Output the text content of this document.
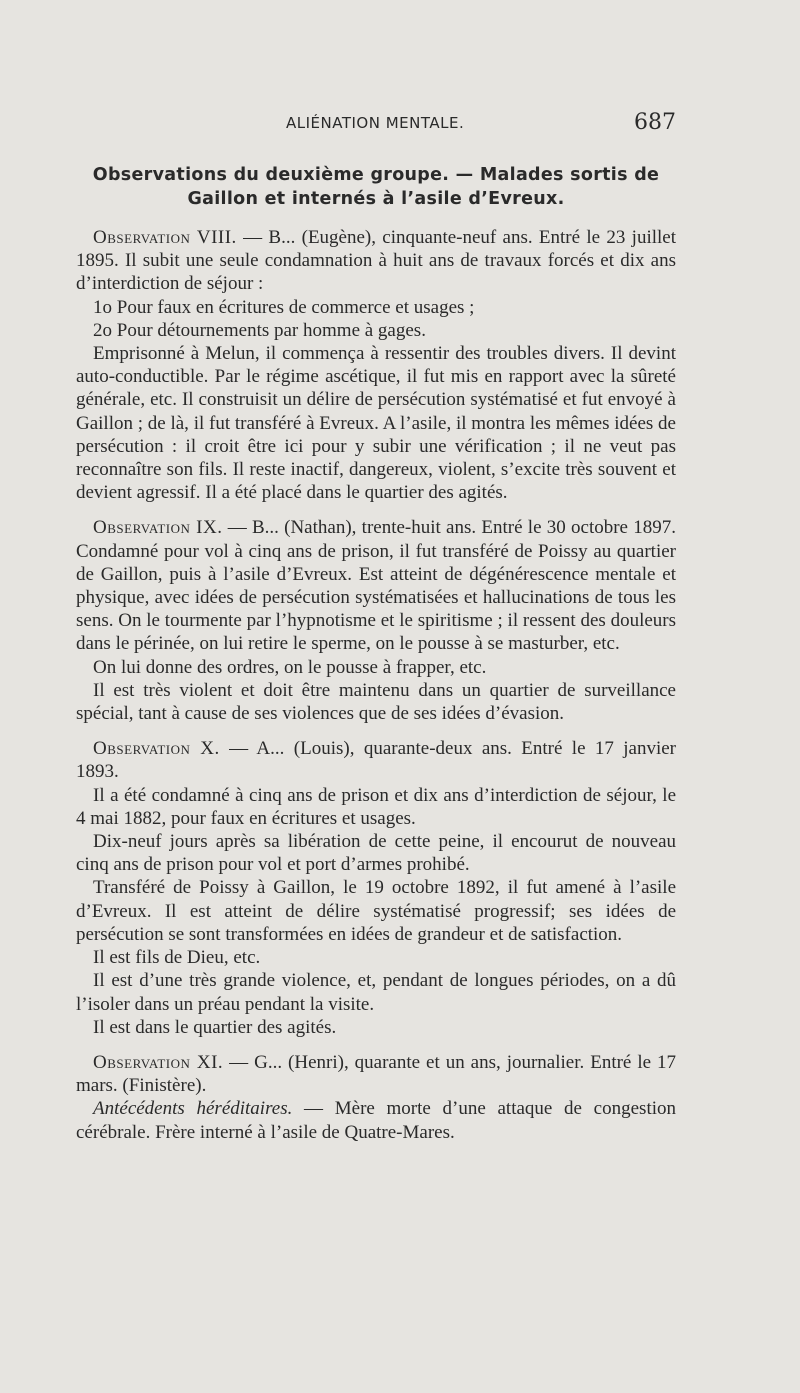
ALIÉNATION MENTALE.	687
Observations du deuxième groupe. — Malades sortis de
Gaillon et internés à l’asile d’Evreux.

Observation VIII. — B... (Eugène), cinquante-neuf ans. Entré le 23 juillet 1895. Il subit une seule condamnation à huit ans de travaux forcés et dix ans d’interdiction de séjour :

1o Pour faux en écritures de commerce et usages ;

2o Pour détournements par homme à gages.

Emprisonné à Melun, il commença à ressentir des troubles divers. Il devint auto-conductible. Par le régime ascétique, il fut mis en rapport avec la sûreté générale, etc. Il construisit un délire de persécution systématisé et fut envoyé à Gaillon ; de là, il fut transféré à Evreux. A l’asile, il montra les mêmes idées de persécution : il croit être ici pour y subir une vérification ; il ne veut pas reconnaître son fils. Il reste inactif, dangereux, violent, s’excite très souvent et devient agressif. Il a été placé dans le quartier des agités.

Observation IX. — B... (Nathan), trente-huit ans. Entré le 30 octobre 1897. Condamné pour vol à cinq ans de prison, il fut transféré de Poissy au quartier de Gaillon, puis à l’asile d’Evreux. Est atteint de dégénérescence mentale et physique, avec idées de persécution systématisées et hallucinations de tous les sens. On le tourmente par l’hypnotisme et le spiritisme ; il ressent des douleurs dans le périnée, on lui retire le sperme, on le pousse à se masturber, etc.

On lui donne des ordres, on le pousse à frapper, etc.

Il est très violent et doit être maintenu dans un quartier de surveillance spécial, tant à cause de ses violences que de ses idées d’évasion.

Observation X. — A... (Louis), quarante-deux ans. Entré le 17 janvier 1893.

Il a été condamné à cinq ans de prison et dix ans d’interdiction de séjour, le 4 mai 1882, pour faux en écritures et usages.

Dix-neuf jours après sa libération de cette peine, il encourut de nouveau cinq ans de prison pour vol et port d’armes prohibé.

Transféré de Poissy à Gaillon, le 19 octobre 1892, il fut amené à l’asile d’Evreux. Il est atteint de délire systématisé progressif; ses idées de persécution se sont transformées en idées de grandeur et de satisfaction.

Il est fils de Dieu, etc.

Il est d’une très grande violence, et, pendant de longues périodes, on a dû l’isoler dans un préau pendant la visite.

Il est dans le quartier des agités.

Observation XI. — G... (Henri), quarante et un ans, journalier. Entré le 17 mars. (Finistère).

Antécédents héréditaires. — Mère morte d’une attaque de congestion cérébrale. Frère interné à l’asile de Quatre-Mares.
